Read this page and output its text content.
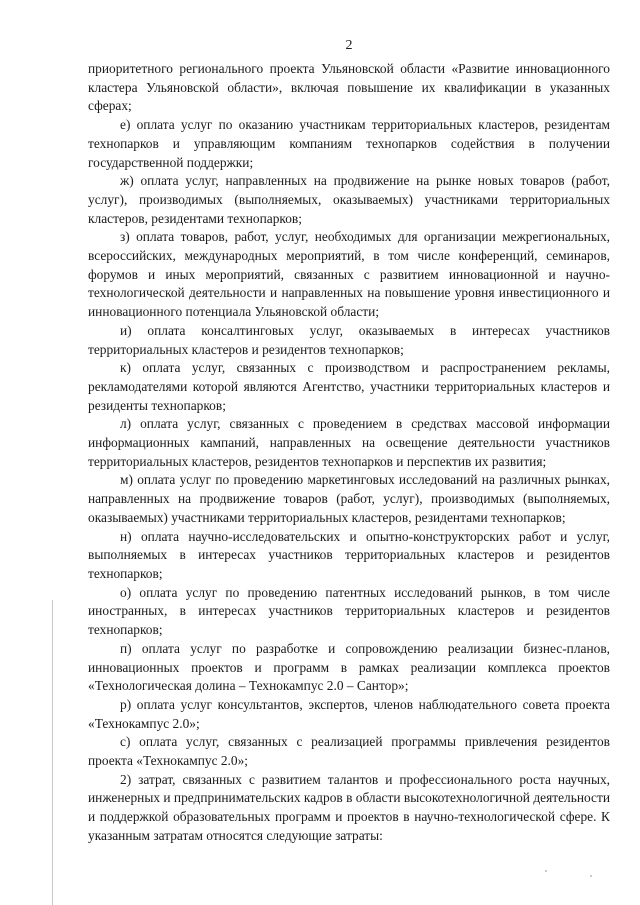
2

приоритетного регионального проекта Ульяновской области «Развитие инновационного кластера Ульяновской области», включая повышение их квалификации в указанных сферах;

е) оплата услуг по оказанию участникам территориальных кластеров, резидентам технопарков и управляющим компаниям технопарков содействия в получении государственной поддержки;

ж) оплата услуг, направленных на продвижение на рынке новых товаров (работ, услуг), производимых (выполняемых, оказываемых) участниками территориальных кластеров, резидентами технопарков;

з) оплата товаров, работ, услуг, необходимых для организации межрегиональных, всероссийских, международных мероприятий, в том числе конференций, семинаров, форумов и иных мероприятий, связанных с развитием инновационной и научно-технологической деятельности и направленных на повышение уровня инвестиционного и инновационного потенциала Ульяновской области;

и) оплата консалтинговых услуг, оказываемых в интересах участников территориальных кластеров и резидентов технопарков;

к) оплата услуг, связанных с производством и распространением рекламы, рекламодателями которой являются Агентство, участники территориальных кластеров и резиденты технопарков;

л) оплата услуг, связанных с проведением в средствах массовой информации информационных кампаний, направленных на освещение деятельности участников территориальных кластеров, резидентов технопарков и перспектив их развития;

м) оплата услуг по проведению маркетинговых исследований на различных рынках, направленных на продвижение товаров (работ, услуг), производимых (выполняемых, оказываемых) участниками территориальных кластеров, резидентами технопарков;

н) оплата научно-исследовательских и опытно-конструкторских работ и услуг, выполняемых в интересах участников территориальных кластеров и резидентов технопарков;

о) оплата услуг по проведению патентных исследований рынков, в том числе иностранных, в интересах участников территориальных кластеров и резидентов технопарков;

п) оплата услуг по разработке и сопровождению реализации бизнес-планов, инновационных проектов и программ в рамках реализации комплекса проектов «Технологическая долина – Технокампус 2.0 – Сантор»;

р) оплата услуг консультантов, экспертов, членов наблюдательного совета проекта «Технокампус 2.0»;

с) оплата услуг, связанных с реализацией программы привлечения резидентов проекта «Технокампус 2.0»;

2) затрат, связанных с развитием талантов и профессионального роста научных, инженерных и предпринимательских кадров в области высокотехнологичной деятельности и поддержкой образовательных программ и проектов в научно-технологической сфере. К указанным затратам относятся следующие затраты:
